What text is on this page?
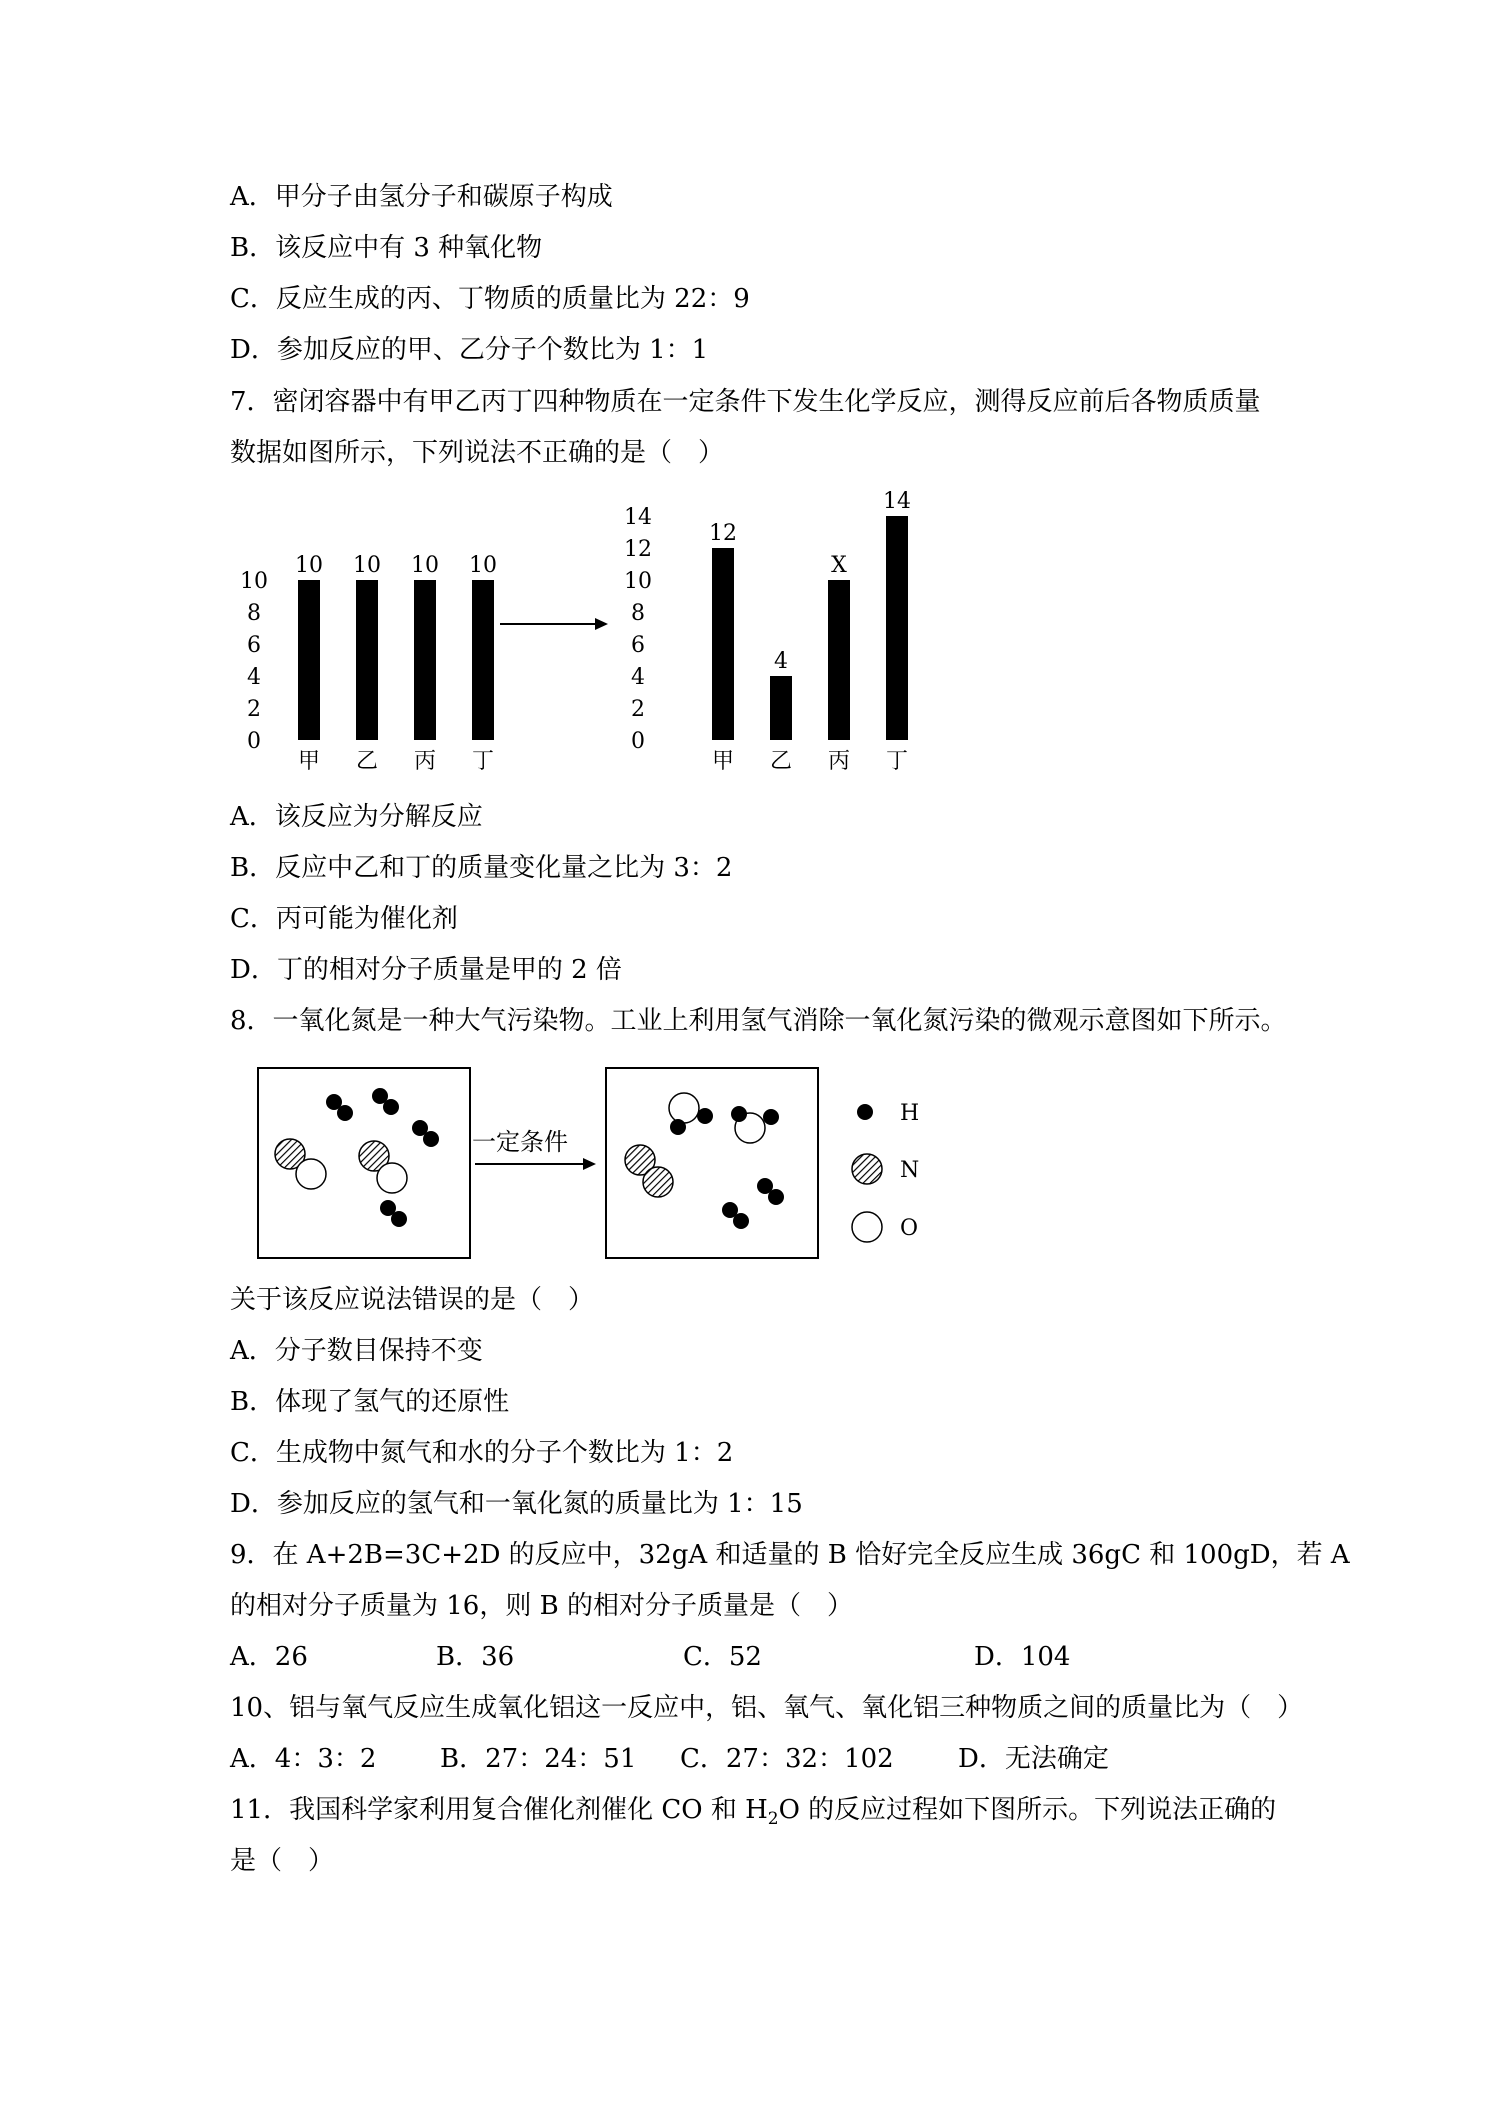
A．甲分子由氢分子和碳原子构成
B．该反应中有 3 种氧化物
C．反应生成的丙、丁物质的质量比为 22：9
D．参加反应的甲、乙分子个数比为 1：1
7．密闭容器中有甲乙丙丁四种物质在一定条件下发生化学反应，测得反应前后各物质质量
数据如图所示，下列说法不正确的是（　）
0
2
4
6
8
10
10
甲
10
乙
10
丙
10
丁
0
2
4
6
8
10
12
14
12
甲
4
乙
X
丙
14
丁
A．该反应为分解反应
B．反应中乙和丁的质量变化量之比为 3：2
C．丙可能为催化剂
D．丁的相对分子质量是甲的 2 倍
8．一氧化氮是一种大气污染物。工业上利用氢气消除一氧化氮污染的微观示意图如下所示。
一定条件
H
N
O
关于该反应说法错误的是（　）
A．分子数目保持不变
B．体现了氢气的还原性
C．生成物中氮气和水的分子个数比为 1：2
D．参加反应的氢气和一氧化氮的质量比为 1：15
9．在 A+2B=3C+2D 的反应中，32gA 和适量的 B 恰好完全反应生成 36gC 和 100gD，若 A
的相对分子质量为 16，则 B 的相对分子质量是（　）
A．26	B．36	C．52	D．104
10、铝与氧气反应生成氧化铝这一反应中，铝、氧气、氧化铝三种物质之间的质量比为（　）
A．4：3：2 B．27：24：51 C．27：32：102 D．无法确定
11．我国科学家利用复合催化剂催化 CO 和 $H_2O$ 的反应过程如下图所示。下列说法正确的
是（　）
